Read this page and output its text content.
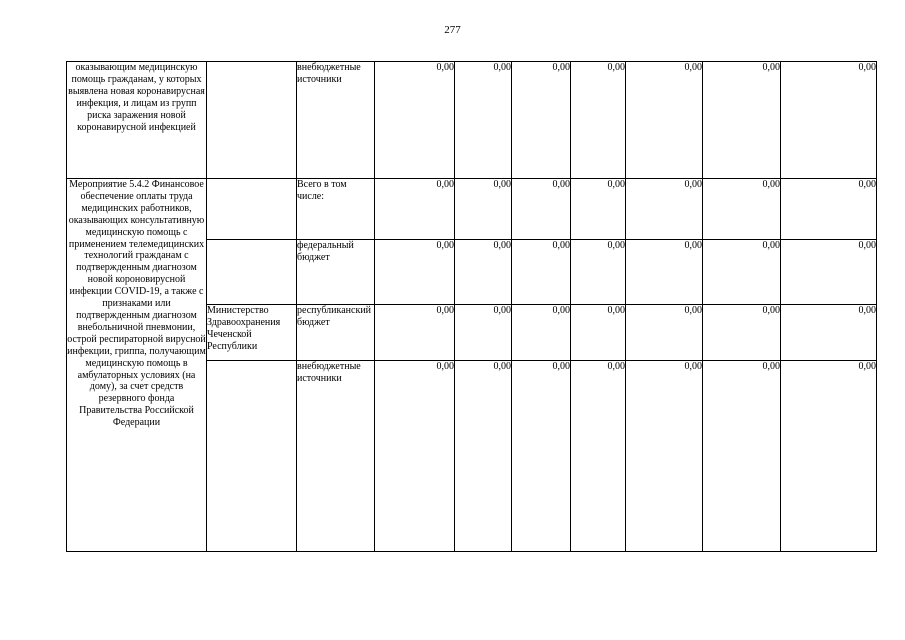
277
оказывающим медицинскую помощь гражданам, у которых выявлена новая коронавирусная инфекция, и лицам из групп риска заражения новой коронавирусной инфекцией		внебюджетные источники	0,00	0,00	0,00	0,00	0,00	0,00	0,00

Мероприятие 5.4.2 Финансовое обеспечение оплаты труда медицинских работников, оказывающих консультативную медицинскую помощь с применением телемедицинских технологий гражданам с подтвержденным диагнозом новой короновирусной инфекции COVID-19, а также с признаками или подтвержденным диагнозом внебольничной пневмонии, острой респираторной вирусной инфекции, гриппа, получающим медицинскую помощь в амбулаторных условиях (на дому), за счет средств резервного фонда Правительства Российской Федерации		Всего в том числе:	0,00	0,00	0,00	0,00	0,00	0,00	0,00
		федеральный бюджет	0,00	0,00	0,00	0,00	0,00	0,00	0,00
	Министерство Здравоохранения Чеченской Республики	республиканский бюджет	0,00	0,00	0,00	0,00	0,00	0,00	0,00
		внебюджетные источники	0,00	0,00	0,00	0,00	0,00	0,00	0,00
